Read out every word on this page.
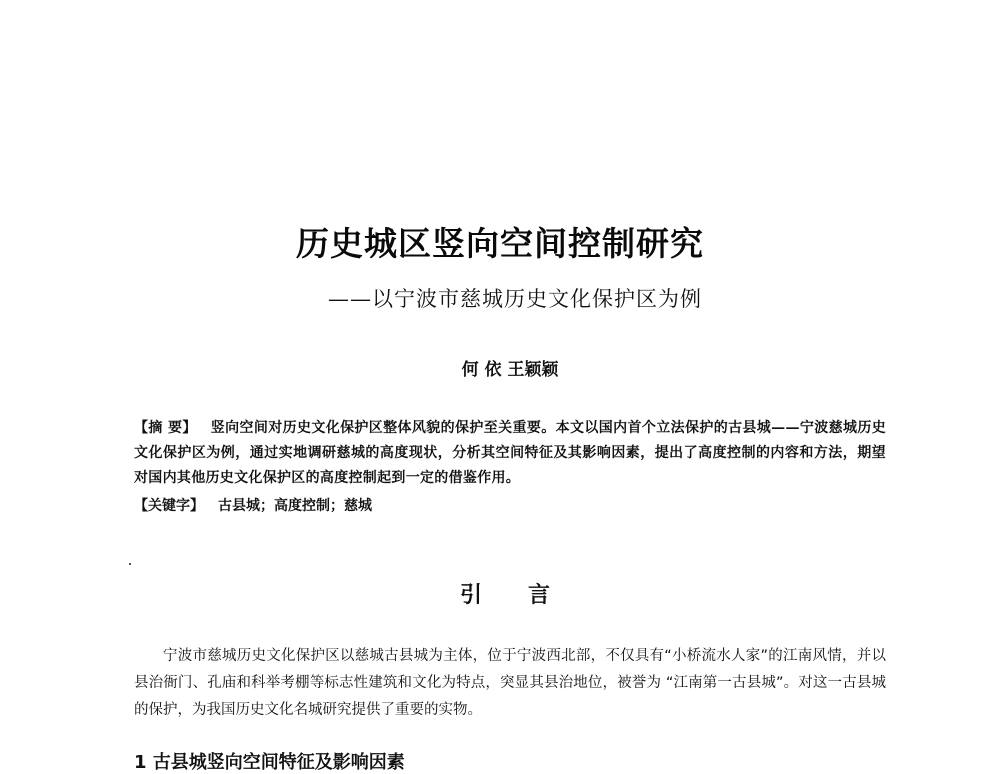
历史城区竖向空间控制研究
——以宁波市慈城历史文化保护区为例
何 依 王颖颖
【摘 要】 竖向空间对历史文化保护区整体风貌的保护至关重要。本文以国内首个立法保护的古县城——宁波慈城历史文化保护区为例，通过实地调研慈城的高度现状，分析其空间特征及其影响因素，提出了高度控制的内容和方法，期望对国内其他历史文化保护区的高度控制起到一定的借鉴作用。
【关键字】 古县城；高度控制；慈城
引言
宁波市慈城历史文化保护区以慈城古县城为主体，位于宁波西北部，不仅具有“小桥流水人家”的江南风情，并以县治衙门、孔庙和科举考棚等标志性建筑和文化为特点，突显其县治地位，被誉为 “江南第一古县城”。对这一古县城的保护，为我国历史文化名城研究提供了重要的实物。
1 古县城竖向空间特征及影响因素
